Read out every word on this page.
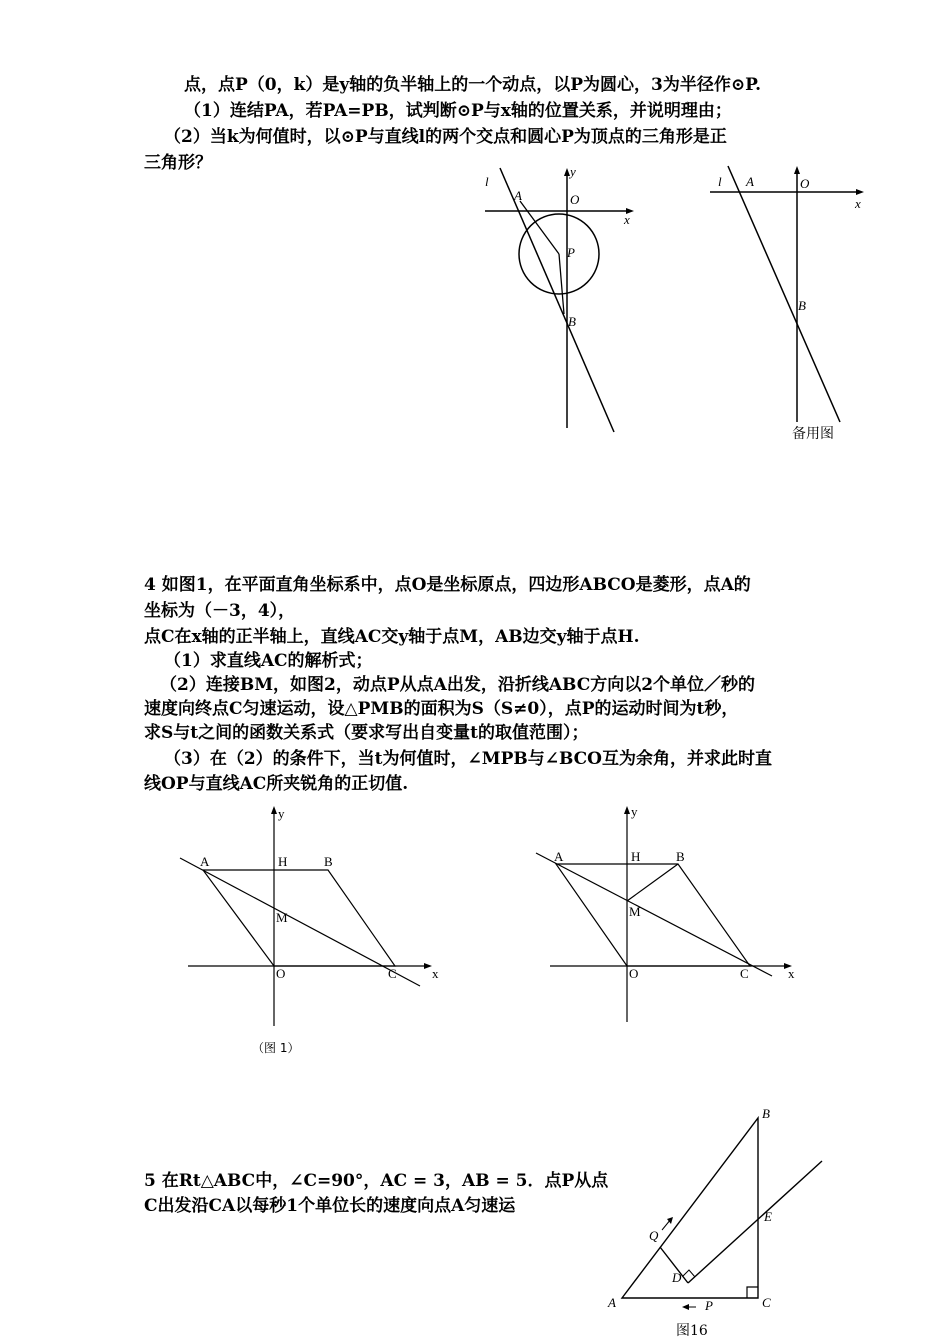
点，点P（0，k）是y轴的负半轴上的一个动点，以P为圆心，3为半径作⊙P.
（1）连结PA，若PA=PB，试判断⊙P与x轴的位置关系，并说明理由；
（2）当k为何值时，以⊙P与直线l的两个交点和圆心P为顶点的三角形是正
三角形？
l
A	O
y
x
P
B
l A	O
x
B
备用图
4 如图1，在平面直角坐标系中，点O是坐标原点，四边形ABCO是菱形，点A的
坐标为（－3，4），
点C在x轴的正半轴上，直线AC交y轴于点M，AB边交y轴于点H.
（1）求直线AC的解析式；
（2）连接BM，如图2，动点P从点A出发，沿折线ABC方向以2个单位／秒的
速度向终点C匀速运动，设△PMB的面积为S（S≠0），点P的运动时间为t秒，
求S与t之间的函数关系式（要求写出自变量t的取值范围）；
（3）在（2）的条件下，当t为何值时，∠MPB与∠BCO互为余角，并求此时直
线OP与直线AC所夹锐角的正切值.
y
A	H	B
M
O	C	x
（图 1）
y
A	H	B
M
O	C	x
5 在Rt△ABC中，∠C=90°，AC = 3，AB = 5．点P从点
C出发沿CA以每秒1个单位长的速度向点A匀速运
B
E
Q
D
A	P	C
图16
